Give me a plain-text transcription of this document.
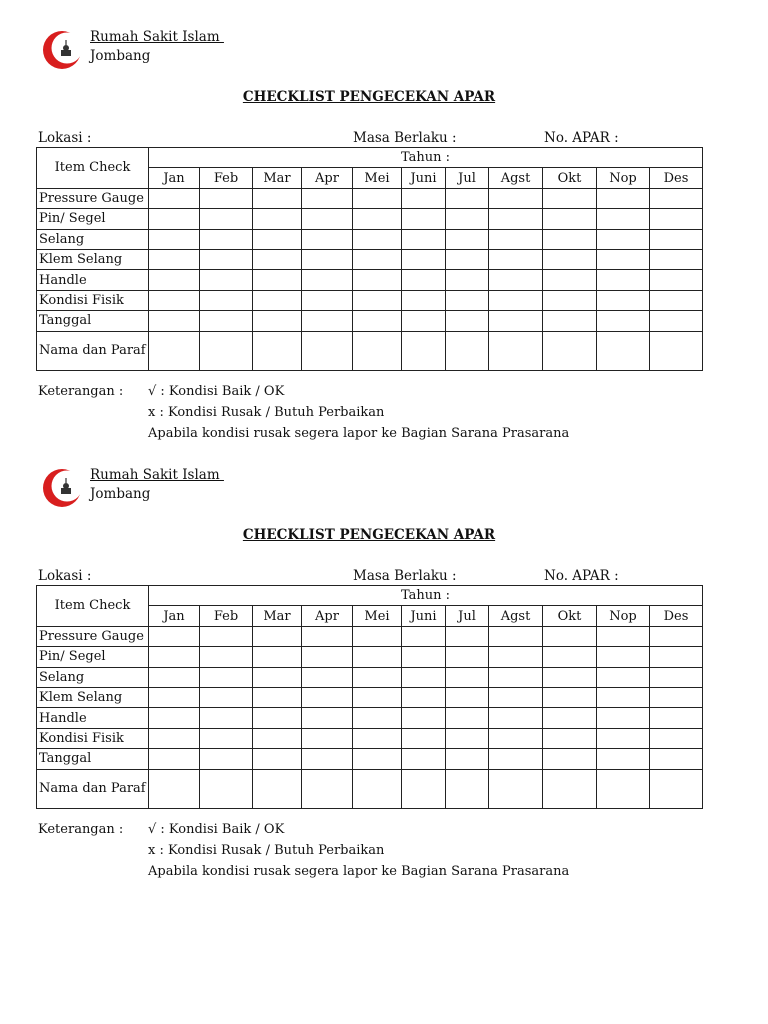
Rumah Sakit Islam
Jombang
CHECKLIST PENGECEKAN APAR
Lokasi :	Masa Berlaku :	No. APAR :
Item Check	Tahun :										
	Jan	Feb	Mar	Apr	Mei	Juni	Jul	Agst	Okt	Nop	Des
Pressure Gauge											
Pin/ Segel											
Selang											
Klem Selang											
Handle											
Kondisi Fisik											
Tanggal											
Nama dan Paraf											
Keterangan : √ : Kondisi Baik / OK
x : Kondisi Rusak / Butuh Perbaikan
Apabila kondisi rusak segera lapor ke Bagian Sarana Prasarana
Rumah Sakit Islam
Jombang
CHECKLIST PENGECEKAN APAR
Lokasi :	Masa Berlaku :	No. APAR :
Item Check	Tahun :										
	Jan	Feb	Mar	Apr	Mei	Juni	Jul	Agst	Okt	Nop	Des
Pressure Gauge											
Pin/ Segel											
Selang											
Klem Selang											
Handle											
Kondisi Fisik											
Tanggal											
Nama dan Paraf											
Keterangan : √ : Kondisi Baik / OK
x : Kondisi Rusak / Butuh Perbaikan
Apabila kondisi rusak segera lapor ke Bagian Sarana Prasarana
